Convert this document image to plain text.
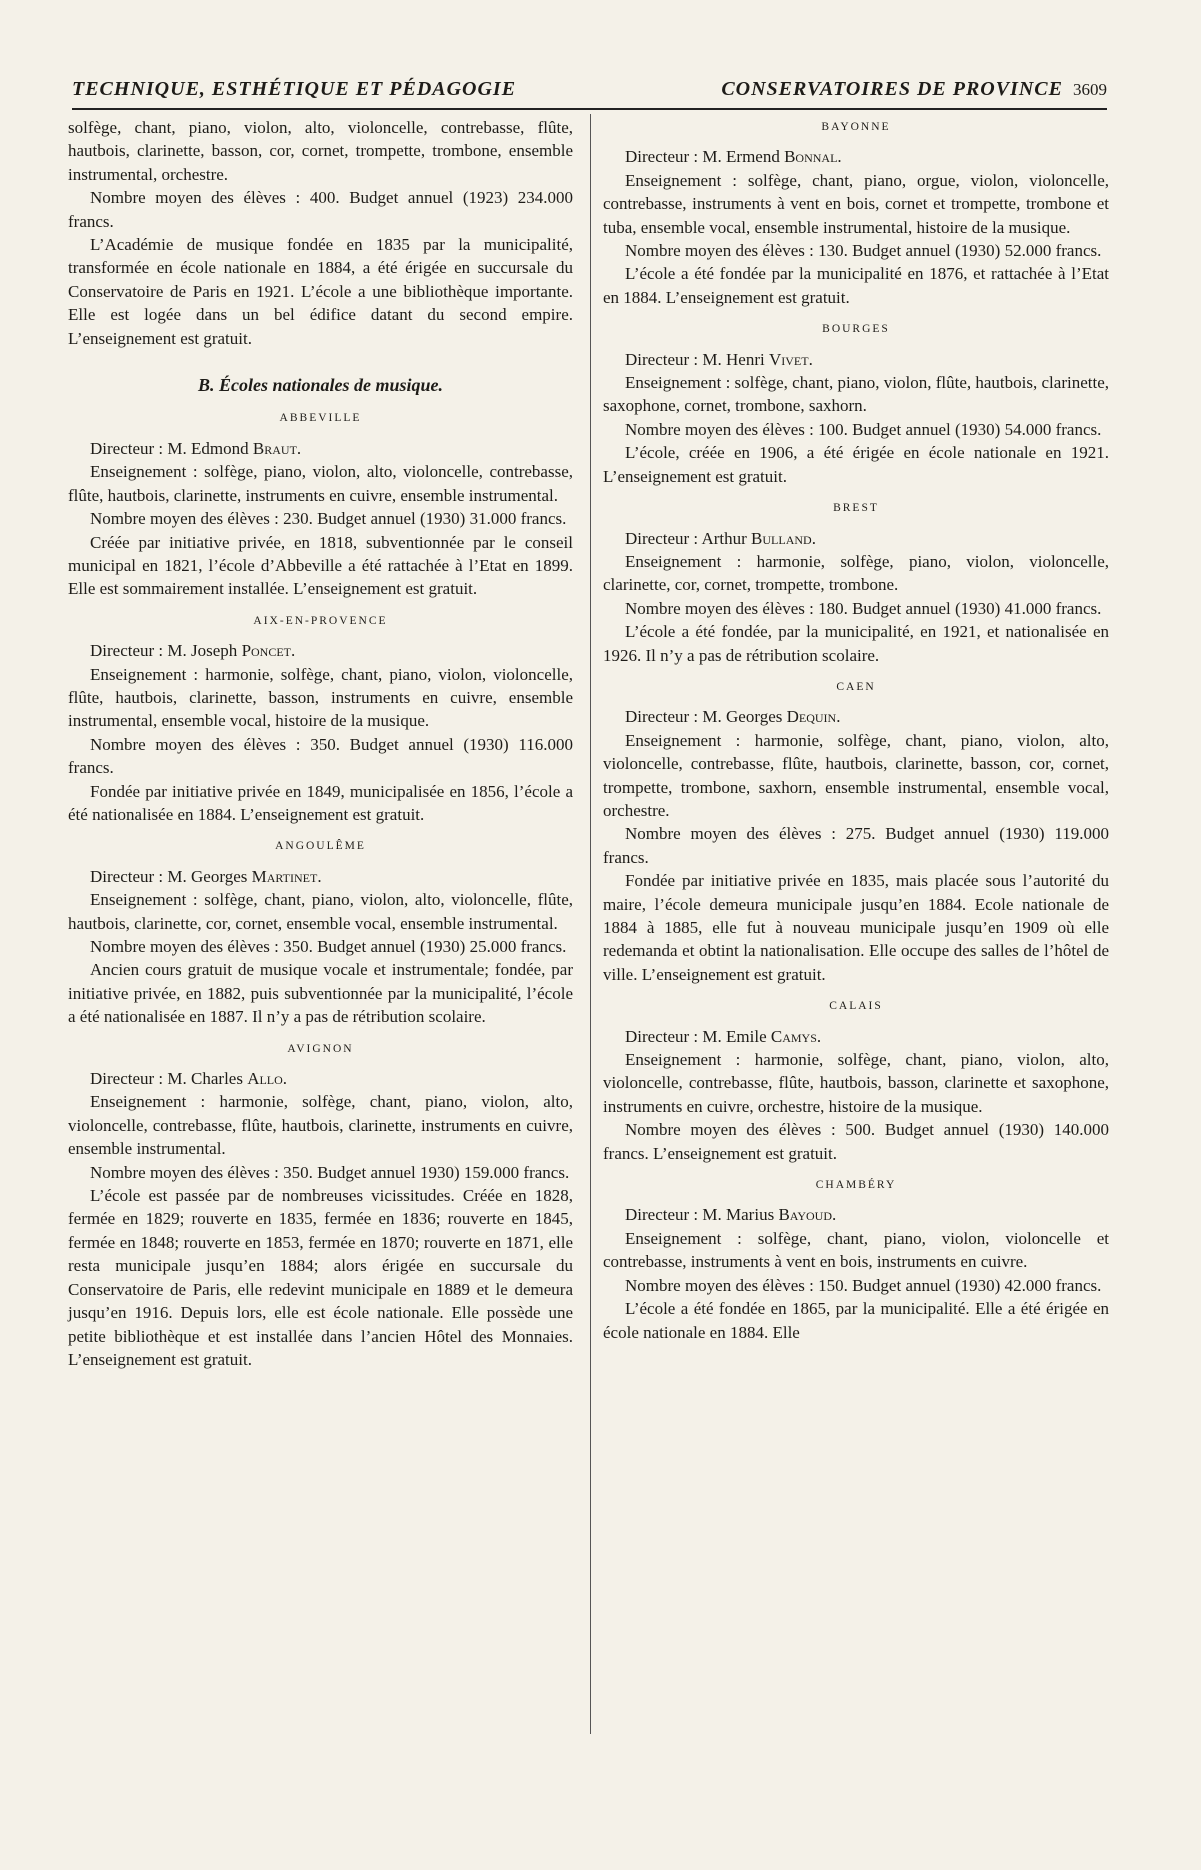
TECHNIQUE, ESTHÉTIQUE ET PÉDAGOGIE	CONSERVATOIRES DE PROVINCE 3609

solfège, chant, piano, violon, alto, violoncelle, contrebasse, flûte, hautbois, clarinette, basson, cor, cornet, trompette, trombone, ensemble instrumental, orchestre.

Nombre moyen des élèves : 400. Budget annuel (1923) 234.000 francs.

L’Académie de musique fondée en 1835 par la municipalité, transformée en école nationale en 1884, a été érigée en succursale du Conservatoire de Paris en 1921. L’école a une bibliothèque importante. Elle est logée dans un bel édifice datant du second empire. L’enseignement est gratuit.

B. Écoles nationales de musique.
ABBEVILLE

Directeur : M. Edmond Braut.

Enseignement : solfège, piano, violon, alto, violoncelle, contrebasse, flûte, hautbois, clarinette, instruments en cuivre, ensemble instrumental.

Nombre moyen des élèves : 230. Budget annuel (1930) 31.000 francs.

Créée par initiative privée, en 1818, subventionnée par le conseil municipal en 1821, l’école d’Abbeville a été rattachée à l’Etat en 1899. Elle est sommairement installée. L’enseignement est gratuit.

AIX-EN-PROVENCE

Directeur : M. Joseph Poncet.

Enseignement : harmonie, solfège, chant, piano, violon, violoncelle, flûte, hautbois, clarinette, basson, instruments en cuivre, ensemble instrumental, ensemble vocal, histoire de la musique.

Nombre moyen des élèves : 350. Budget annuel (1930) 116.000 francs.

Fondée par initiative privée en 1849, municipalisée en 1856, l’école a été nationalisée en 1884. L’enseignement est gratuit.

ANGOULÊME

Directeur : M. Georges Martinet.

Enseignement : solfège, chant, piano, violon, alto, violoncelle, flûte, hautbois, clarinette, cor, cornet, ensemble vocal, ensemble instrumental.

Nombre moyen des élèves : 350. Budget annuel (1930) 25.000 francs.

Ancien cours gratuit de musique vocale et instrumentale; fondée, par initiative privée, en 1882, puis subventionnée par la municipalité, l’école a été nationalisée en 1887. Il n’y a pas de rétribution scolaire.

AVIGNON

Directeur : M. Charles Allo.

Enseignement : harmonie, solfège, chant, piano, violon, alto, violoncelle, contrebasse, flûte, hautbois, clarinette, instruments en cuivre, ensemble instrumental.

Nombre moyen des élèves : 350. Budget annuel 1930) 159.000 francs.

L’école est passée par de nombreuses vicissitudes. Créée en 1828, fermée en 1829; rouverte en 1835, fermée en 1836; rouverte en 1845, fermée en 1848; rouverte en 1853, fermée en 1870; rouverte en 1871, elle resta municipale jusqu’en 1884; alors érigée en succursale du Conservatoire de Paris, elle redevint municipale en 1889 et le demeura jusqu’en 1916. Depuis lors, elle est école nationale. Elle possède une petite bibliothèque et est installée dans l’ancien Hôtel des Monnaies. L’enseignement est gratuit.

BAYONNE

Directeur : M. Ermend Bonnal.

Enseignement : solfège, chant, piano, orgue, violon, violoncelle, contrebasse, instruments à vent en bois, cornet et trompette, trombone et tuba, ensemble vocal, ensemble instrumental, histoire de la musique.

Nombre moyen des élèves : 130. Budget annuel (1930) 52.000 francs.

L’école a été fondée par la municipalité en 1876, et rattachée à l’Etat en 1884. L’enseignement est gratuit.

BOURGES

Directeur : M. Henri Vivet.

Enseignement : solfège, chant, piano, violon, flûte, hautbois, clarinette, saxophone, cornet, trombone, saxhorn.

Nombre moyen des élèves : 100. Budget annuel (1930) 54.000 francs.

L’école, créée en 1906, a été érigée en école nationale en 1921. L’enseignement est gratuit.

BREST

Directeur : Arthur Bulland.

Enseignement : harmonie, solfège, piano, violon, violoncelle, clarinette, cor, cornet, trompette, trombone.

Nombre moyen des élèves : 180. Budget annuel (1930) 41.000 francs.

L’école a été fondée, par la municipalité, en 1921, et nationalisée en 1926. Il n’y a pas de rétribution scolaire.

CAEN

Directeur : M. Georges Dequin.

Enseignement : harmonie, solfège, chant, piano, violon, alto, violoncelle, contrebasse, flûte, hautbois, clarinette, basson, cor, cornet, trompette, trombone, saxhorn, ensemble instrumental, ensemble vocal, orchestre.

Nombre moyen des élèves : 275. Budget annuel (1930) 119.000 francs.

Fondée par initiative privée en 1835, mais placée sous l’autorité du maire, l’école demeura municipale jusqu’en 1884. Ecole nationale de 1884 à 1885, elle fut à nouveau municipale jusqu’en 1909 où elle redemanda et obtint la nationalisation. Elle occupe des salles de l’hôtel de ville. L’enseignement est gratuit.

CALAIS

Directeur : M. Emile Camys.

Enseignement : harmonie, solfège, chant, piano, violon, alto, violoncelle, contrebasse, flûte, hautbois, basson, clarinette et saxophone, instruments en cuivre, orchestre, histoire de la musique.

Nombre moyen des élèves : 500. Budget annuel (1930) 140.000 francs. L’enseignement est gratuit.

CHAMBÉRY

Directeur : M. Marius Bayoud.

Enseignement : solfège, chant, piano, violon, violoncelle et contrebasse, instruments à vent en bois, instruments en cuivre.

Nombre moyen des élèves : 150. Budget annuel (1930) 42.000 francs.

L’école a été fondée en 1865, par la municipalité. Elle a été érigée en école nationale en 1884. Elle
